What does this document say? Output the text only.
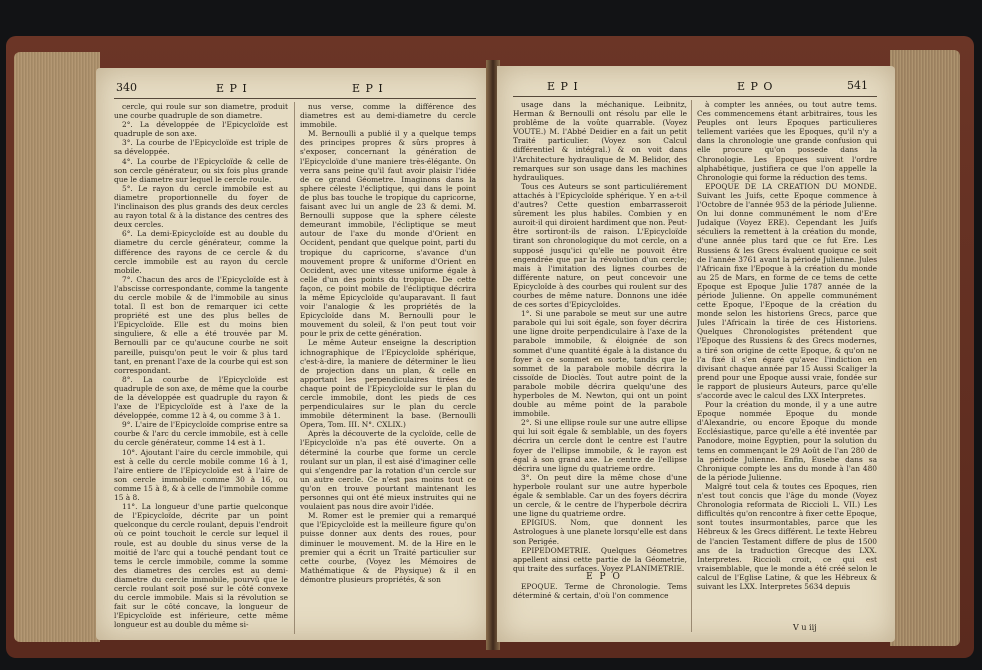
340	E P I	E P I

cercle, qui roule sur son diametre, produit une courbe quadruple de son diametre.

2°. La développée de l'Epicycloïde est quadruple de son axe.

3°. La courbe de l'Epicycloïde est triple de sa développée.

4°. La courbe de l'Epicycloïde & celle de son cercle générateur, ou six fois plus grande que le diametre sur lequel le cercle roule.

5°. Le rayon du cercle immobile est au diametre proportionnelle du foyer de l'inclinaison des plus grands des deux cercles au rayon total & à la distance des centres des deux cercles.

6°. La demi-Epicycloïde est au double du diametre du cercle générateur, comme la différence des rayons de ce cercle & du cercle immobile est au rayon du cercle mobile.

7°. Chacun des arcs de l'Epicycloïde est à l'abscisse correspondante, comme la tangente du cercle mobile & de l'immobile au sinus total. Il est bon de remarquer ici cette propriété est une des plus belles de l'Epicycloïde. Elle est du moins bien singuliere, & elle a été trouvée par M. Bernoulli par ce qu'aucune courbe ne soit pareille, puisqu'on peut le voir & plus tard tant, en prenant l'axe de la courbe qui est son correspondant.

8°. La courbe de l'Epicycloïde est quadruple de son axe, de même que la courbe de la développée est quadruple du rayon & l'axe de l'Epicycloïde est à l'axe de la développée, comme 12 à 4, ou comme 3 à 1.

9°. L'aire de l'Epicycloïde comprise entre sa courbe & l'arc du cercle immobile, est à celle du cercle générateur, comme 14 est à 1.

10°. Ajoutant l'aire du cercle immobile, qui est à celle du cercle mobile comme 16 à 1, l'aire entiere de l'Epicycloïde est à l'aire de son cercle immobile comme 30 à 16, ou comme 15 à 8, & à celle de l'immobile comme 15 à 8.

11°. La longueur d'une partie quelconque de l'Epicycloïde, décrite par un point quelconque du cercle roulant, depuis l'endroit où ce point touchoit le cercle sur lequel il roule, est au double du sinus verse de la moitié de l'arc qui a touché pendant tout ce tems le cercle immobile, comme la somme des diametres des cercles est au demi-diametre du cercle immobile, pourvû que le cercle roulant soit posé sur le côté convexe du cercle immobile. Mais si la révolution se fait sur le côté concave, la longueur de l'Epicycloïde est inférieure, cette même longueur est au double du même si-

nus verse, comme la différence des diametres est au demi-diametre du cercle immobile.

M. Bernoulli a publié il y a quelque temps des principes propres & sûrs propres à s'exposer, concernant la génération de l'Epicycloïde d'une maniere très-élégante. On verra sans peine qu'il faut avoir plaisir l'idée de ce grand Géometre. Imaginons dans la sphere céleste l'écliptique, qui dans le point de plus bas touche le tropique du capricorne, faisant avec lui un angle de 23 & demi. M. Bernoulli suppose que la sphere céleste demeurant immobile, l'écliptique se meut autour de l'axe du monde d'Orient en Occident, pendant que quelque point, parti du tropique du capricorne, s'avance d'un mouvement propre & uniforme d'Orient en Occident, avec une vitesse uniforme égale à celle d'un des points du tropique. De cette façon, ce point mobile de l'écliptique décrira la même Epicycloïde qu'auparavant. Il faut voir l'analogie & les propriétés de la Epicycloïde dans M. Bernoulli pour le mouvement du soleil, & l'on peut tout voir pour le prix de cette génération.

Le même Auteur enseigne la description ichnographique de l'Epicycloïde sphérique, c'est-à-dire, la maniere de déterminer le lieu de projection dans un plan, & celle en apportant les perpendiculaires tirées de chaque point de l'Epicycloïde sur le plan du cercle immobile, dont les pieds de ces perpendiculaires sur le plan du cercle immobile déterminent la base. (Bernoulli Opera, Tom. III. N°. CXLIX.)

Après la découverte de la cycloïde, celle de l'Epicycloïde n'a pas été ouverte. On a déterminé la courbe que forme un cercle roulant sur un plan, il est aisé d'imaginer celle qui s'engendre par la rotation d'un cercle sur un autre cercle. Ce n'est pas moins tout ce qu'on en trouve pourtant maintenant les personnes qui ont été mieux instruites qui ne voulaient pas nous dire avoir l'idée.

M. Romer est le premier qui a remarqué que l'Epicycloïde est la meilleure figure qu'on puisse donner aux dents des roues, pour diminuer le mouvement. M. de la Hire en le premier qui a écrit un Traité particulier sur cette courbe, (Voyez les Mémoires de Mathématique & de Physique) & il en démontre plusieurs propriétés, & son

E P I	E P O	541

usage dans la méchanique. Leibnitz, Herman & Bernoulli ont résolu par elle le problême de la voûte quarrable. (Voyez VOUTE.) M. l'Abbé Deidier en a fait un petit Traité particulier. (Voyez son Calcul différentiel & intégral.) & on voit dans l'Architecture hydraulique de M. Belidor, des remarques sur son usage dans les machines hydrauliques.

Tous ces Auteurs se sont particuliérement attachés à l'Epicycloïde sphérique. Y en a-t-il d'autres? Cette question embarrasseroit sûrement les plus habiles. Combien y en auroit-il qui diroient hardiment que non. Peut-être sortiront-ils de raison. L'Epicycloïde tirant son chronologique du mot cercle, on a supposé jusqu'ici qu'elle ne pouvoit être engendrée que par la révolution d'un cercle; mais à l'imitation des lignes courbes de différente nature, on peut concevoir une Epicycloïde à des courbes qui roulent sur des courbes de même nature. Donnons une idée de ces sortes d'Epicycloïdes.

1°. Si une parabole se meut sur une autre parabole qui lui soit égale, son foyer décrira une ligne droite perpendiculaire à l'axe de la parabole immobile, & éloignée de son sommet d'une quantité égale à la distance du foyer à ce sommet en sorte, tandis que le sommet de la parabole mobile décrira la cissoïde de Dioclès. Tout autre point de la parabole mobile décrira quelqu'une des hyperboles de M. Newton, qui ont un point double au même point de la parabole immobile.

2°. Si une ellipse roule sur une autre ellipse qui lui soit égale & semblable, un des foyers décrira un cercle dont le centre est l'autre foyer de l'ellipse immobile, & le rayon est égal à son grand axe. Le centre de l'ellipse décrira une ligne du quatrieme ordre.

3°. On peut dire la même chose d'une hyperbole roulant sur une autre hyperbole égale & semblable. Car un des foyers décrira un cercle, & le centre de l'hyperbole décrira une ligne du quatrieme ordre.

EPIGIUS. Nom, que donnent les Astrologues à une planete lorsqu'elle est dans son Perigée.

EPIPEDOMETRIE. Quelques Géometres appellent ainsi cette partie de la Géometrie, qui traite des surfaces. Voyez PLANIMETRIE.

E P O

EPOQUE. Terme de Chronologie. Tems déterminé & certain, d'où l'on commence

à compter les années, ou tout autre tems. Ces commencemens étant arbitraires, tous les Peuples ont leurs Epoques particulieres tellement variées que les Epoques, qu'il n'y a dans la chronologie une grande confusion qui elle procure qu'on possede dans la Chronologie. Les Epoques suivent l'ordre alphabétique, justifiera ce que l'on appelle la Chronologie qui forme la réduction des tems.

EPOQUE DE LA CREATION DU MONDE. Suivant les Juifs, cette Epoque commence à l'Octobre de l'année 953 de la période Julienne. On lui donne communément le nom d'Ere Judaïque (Voyez ERE). Cependant les Juifs séculiers la remettent à la création du monde, d'une année plus tard que ce fut Ere. Les Russiens & les Grecs évaluent quoique ce soit de l'année 3761 avant la période Julienne. Jules l'Africain fixe l'Epoque à la création du monde au 25 de Mars, en forme de ce tems de cette Epoque est Epoque Julie 1787 année de la période Julienne. On appelle communément cette Epoque, l'Epoque de la création du monde selon les historiens Grecs, parce que Jules l'Africain la tirée de ces Historiens. Quelques Chronologistes prétendent que l'Epoque des Russiens & des Grecs modernes, a tiré son origine de cette Epoque, & qu'on ne l'a fixé il s'en égaré qu'avec l'indiction en divisant chaque année par 15 Aussi Scaliger la prend pour une Epoque aussi vraie, fondée sur le rapport de plusieurs Auteurs, parce qu'elle s'accorde avec le calcul des LXX Interpretes.

Pour la création du monde, il y a une autre Epoque nommée Epoque du monde d'Alexandrie, ou encore Epoque du monde Ecclésiastique, parce qu'elle a été inventée par Panodore, moine Egyptien, pour la solution du tems en commençant le 29 Août de l'an 280 de la période Julienne. Enfin, Eusebe dans sa Chronique compte les ans du monde à l'an 480 de la période Julienne.

Malgré tout cela & toutes ces Epoques, rien n'est tout concis que l'âge du monde (Voyez Chronologia reformata de Riccioli L. VII.) Les difficultés qu'on rencontre à fixer cette Epoque, sont toutes insurmontables, parce que les Hébreux & les Grecs différent. Le texte Hebreu de l'ancien Testament differe de plus de 1500 ans de la traduction Grecque des LXX. Interpretes. Riccioli croit, ce qui est vraisemblable, que le monde a été créé selon le calcul de l'Eglise Latine, & que les Hébreux & suivant les LXX. Interpretes 5634 depuis

V u iij
